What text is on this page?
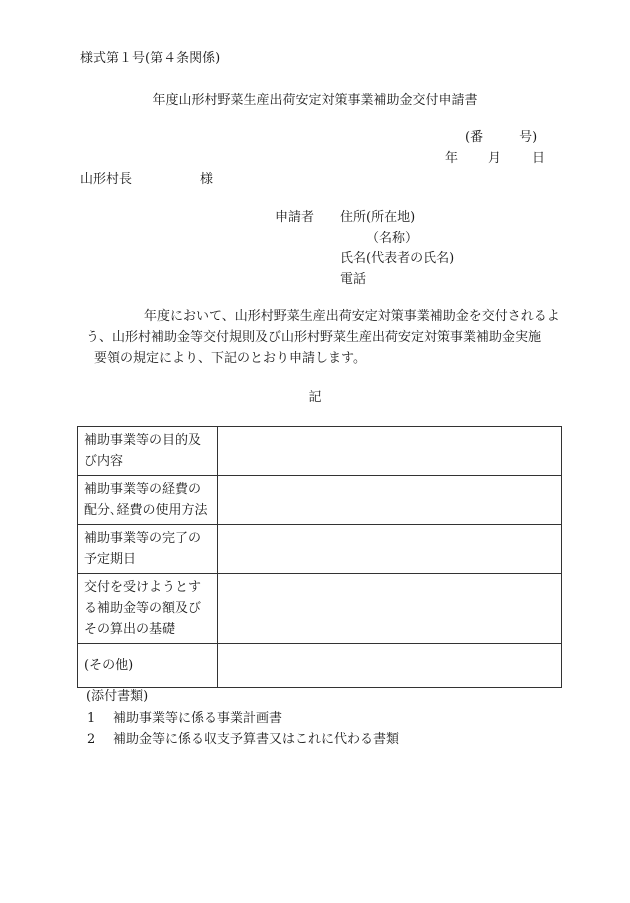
様式第１号(第４条関係)
年度山形村野菜生産出荷安定対策事業補助金交付申請書
(番	号)
年 月 日
山形村長	様
申請者 住所(所在地)
（名称）
氏名(代表者の氏名)
電話

年度において、山形村野菜生産出荷安定対策事業補助金を交付されるよ

う、山形村補助金等交付規則及び山形村野菜生産出荷安定対策事業補助金実施

要領の規定により、下記のとおり申請します。

記
補助事業等の目的及
び内容	

補助事業等の経費の
配分､経費の使用方法	

補助事業等の完了の
予定期日	

交付を受けようとす
る補助金等の額及び
その算出の基礎	

(その他)	

(添付書類)
1 補助事業等に係る事業計画書
2 補助金等に係る収支予算書又はこれに代わる書類
